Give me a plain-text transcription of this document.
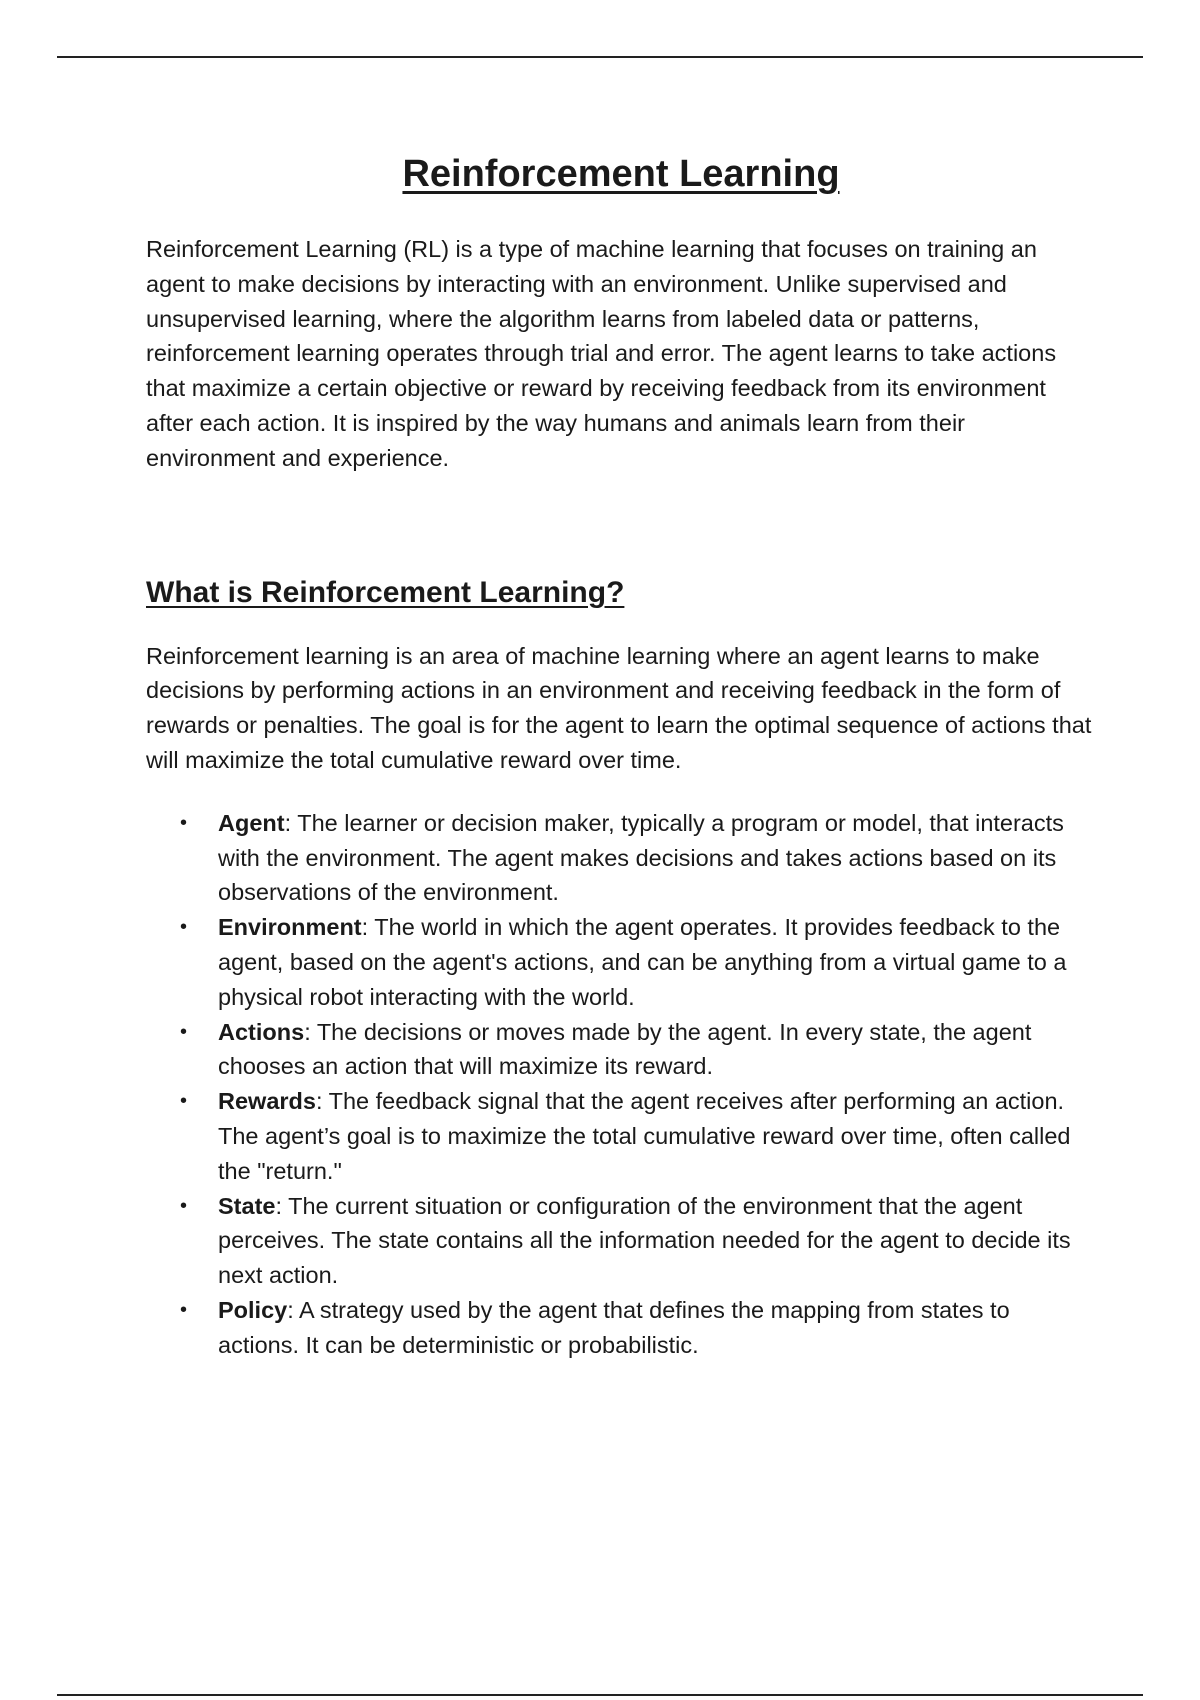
Reinforcement Learning

Reinforcement Learning (RL) is a type of machine learning that focuses on training an agent to make decisions by interacting with an environment. Unlike supervised and unsupervised learning, where the algorithm learns from labeled data or patterns, reinforcement learning operates through trial and error. The agent learns to take actions that maximize a certain objective or reward by receiving feedback from its environment after each action. It is inspired by the way humans and animals learn from their environment and experience.

What is Reinforcement Learning?

Reinforcement learning is an area of machine learning where an agent learns to make decisions by performing actions in an environment and receiving feedback in the form of rewards or penalties. The goal is for the agent to learn the optimal sequence of actions that will maximize the total cumulative reward over time.

• Agent: The learner or decision maker, typically a program or model, that interacts with the environment. The agent makes decisions and takes actions based on its observations of the environment.
• Environment: The world in which the agent operates. It provides feedback to the agent, based on the agent's actions, and can be anything from a virtual game to a physical robot interacting with the world.
• Actions: The decisions or moves made by the agent. In every state, the agent chooses an action that will maximize its reward.
• Rewards: The feedback signal that the agent receives after performing an action. The agent’s goal is to maximize the total cumulative reward over time, often called the "return."
• State: The current situation or configuration of the environment that the agent perceives. The state contains all the information needed for the agent to decide its next action.
• Policy: A strategy used by the agent that defines the mapping from states to actions. It can be deterministic or probabilistic.
